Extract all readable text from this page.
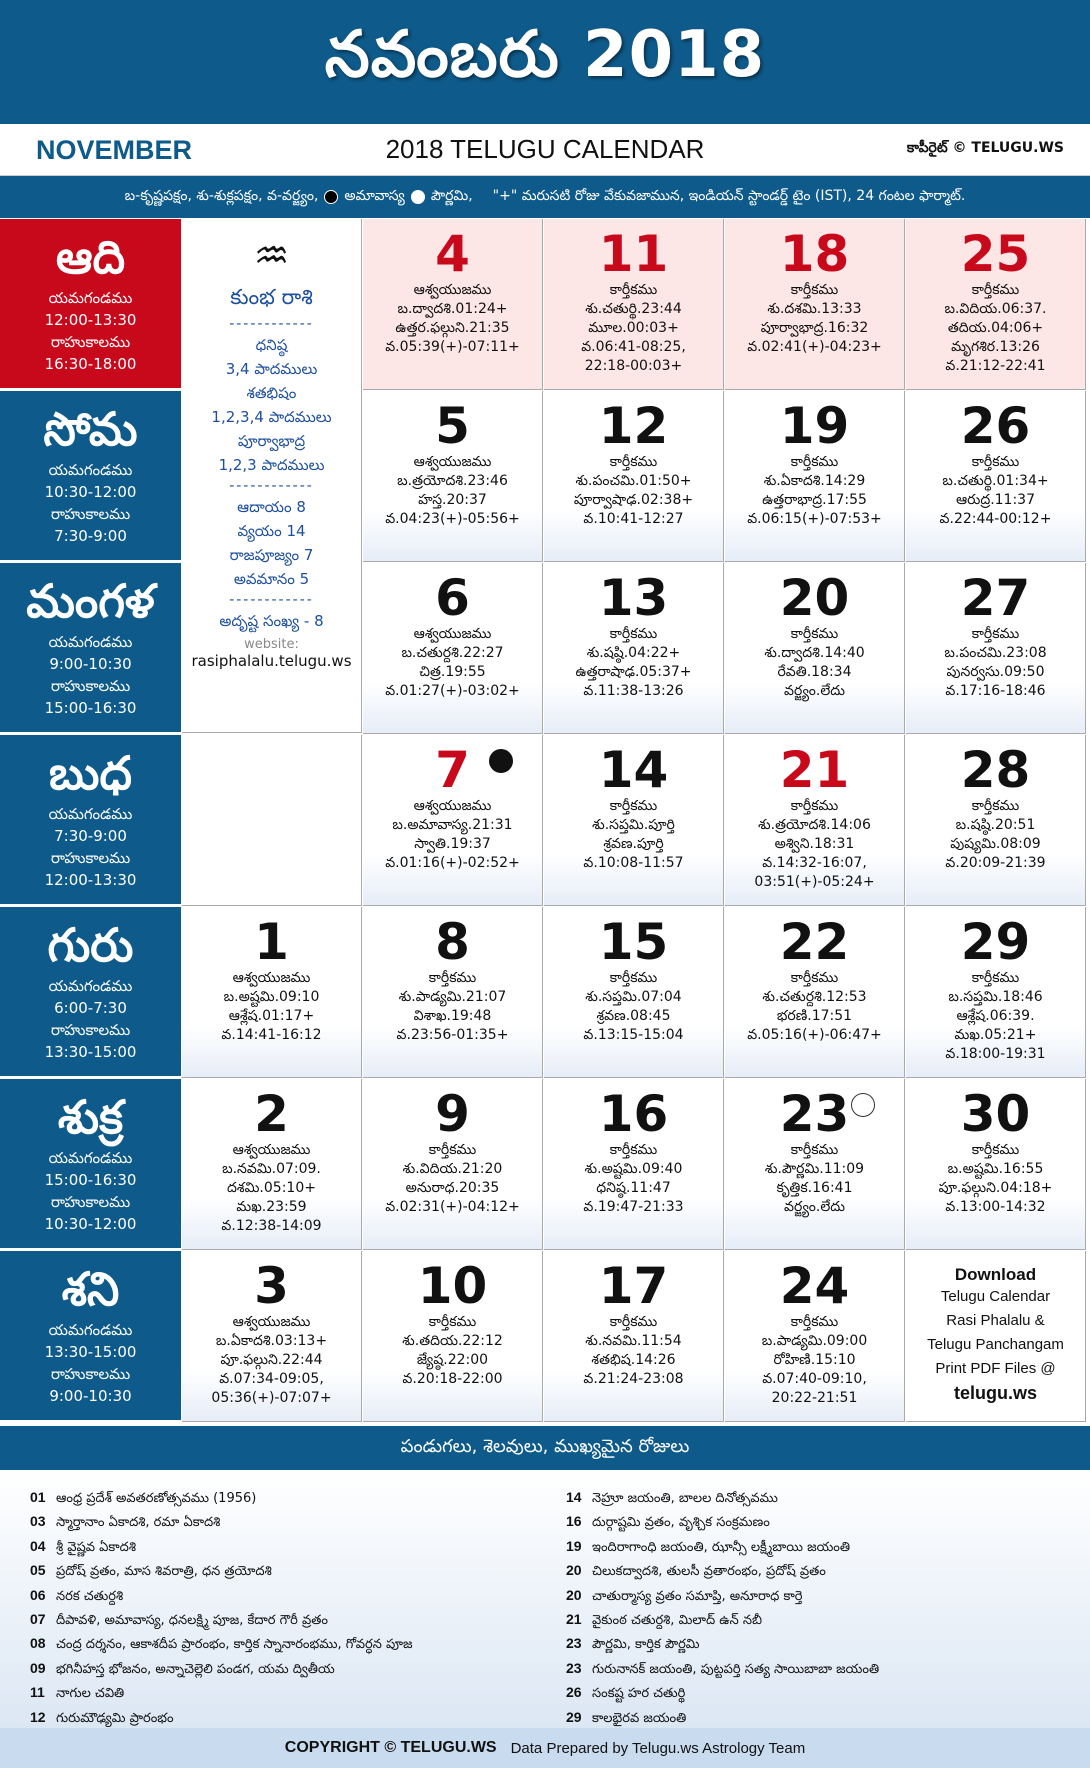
నవంబరు 2018
NOVEMBER	2018 TELUGU CALENDAR	కాపీరైట్ © TELUGU.WS
బ-కృష్ణపక్షం, శు-శుక్లపక్షం, వ-వర్జ్యం, అమావాస్య పౌర్ణమి, "+" మరుసటి రోజు వేకువజామున, ఇండియన్ స్టాండర్డ్ టైం (IST), 24 గంటల ఫార్మాట్.
ఆది
యమగండము
12:00-13:30
రాహుకాలము
16:30-18:00
సోమ
యమగండము
10:30-12:00
రాహుకాలము
7:30-9:00
మంగళ
యమగండము
9:00-10:30
రాహుకాలము
15:00-16:30
బుధ
యమగండము
7:30-9:00
రాహుకాలము
12:00-13:30
గురు
యమగండము
6:00-7:30
రాహుకాలము
13:30-15:00
శుక్ర
యమగండము
15:00-16:30
రాహుకాలము
10:30-12:00
శని
యమగండము
13:30-15:00
రాహుకాలము
9:00-10:30
♒
కుంభ రాశి
------------
ధనిష్ఠ
3,4 పాదములు
శతభిషం
1,2,3,4 పాదములు
పూర్వాభాద్ర
1,2,3 పాదములు
------------
ఆదాయం 8
వ్యయం 14
రాజపూజ్యం 7
అవమానం 5
------------
అదృష్ట సంఖ్య - 8
website:
rasiphalalu.telugu.ws
4
ఆశ్వయుజము
బ.ద్వాదశి.01:24+
ఉత్తర.ఫల్గుని.21:35
వ.05:39(+)-07:11+
11
కార్తీకము
శు.చతుర్థి.23:44
మూల.00:03+
వ.06:41-08:25,
22:18-00:03+
18
కార్తీకము
శు.దశమి.13:33
పూర్వాభాద్ర.16:32
వ.02:41(+)-04:23+
25
కార్తీకము
బ.విదియ.06:37.
తదియ.04:06+
మృగశిర.13:26
వ.21:12-22:41
5
ఆశ్వయుజము
బ.త్రయోదశి.23:46
హస్త.20:37
వ.04:23(+)-05:56+
12
కార్తీకము
శు.పంచమి.01:50+
పూర్వాషాఢ.02:38+
వ.10:41-12:27
19
కార్తీకము
శు.ఏకాదశి.14:29
ఉత్తరాభాద్ర.17:55
వ.06:15(+)-07:53+
26
కార్తీకము
బ.చతుర్థి.01:34+
ఆరుద్ర.11:37
వ.22:44-00:12+
6
ఆశ్వయుజము
బ.చతుర్దశి.22:27
చిత్ర.19:55
వ.01:27(+)-03:02+
13
కార్తీకము
శు.షష్ఠి.04:22+
ఉత్తరాషాఢ.05:37+
వ.11:38-13:26
20
కార్తీకము
శు.ద్వాదశి.14:40
రేవతి.18:34
వర్జ్యం.లేదు
27
కార్తీకము
బ.పంచమి.23:08
పునర్వసు.09:50
వ.17:16-18:46
7
ఆశ్వయుజము
బ.అమావాస్య.21:31
స్వాతి.19:37
వ.01:16(+)-02:52+
14
కార్తీకము
శు.సప్తమి.పూర్తి
శ్రవణ.పూర్తి
వ.10:08-11:57
21
కార్తీకము
శు.త్రయోదశి.14:06
అశ్విని.18:31
వ.14:32-16:07,
03:51(+)-05:24+
28
కార్తీకము
బ.షష్ఠి.20:51
పుష్యమి.08:09
వ.20:09-21:39
1
ఆశ్వయుజము
బ.అష్టమి.09:10
ఆశ్లేష.01:17+
వ.14:41-16:12
8
కార్తీకము
శు.పాడ్యమి.21:07
విశాఖ.19:48
వ.23:56-01:35+
15
కార్తీకము
శు.సప్తమి.07:04
శ్రవణ.08:45
వ.13:15-15:04
22
కార్తీకము
శు.చతుర్దశి.12:53
భరణి.17:51
వ.05:16(+)-06:47+
29
కార్తీకము
బ.సప్తమి.18:46
ఆశ్లేష.06:39.
మఖ.05:21+
వ.18:00-19:31
2
ఆశ్వయుజము
బ.నవమి.07:09.
దశమి.05:10+
మఖ.23:59
వ.12:38-14:09
9
కార్తీకము
శు.విదియ.21:20
అనురాధ.20:35
వ.02:31(+)-04:12+
16
కార్తీకము
శు.అష్టమి.09:40
ధనిష్ఠ.11:47
వ.19:47-21:33
23
కార్తీకము
శు.పౌర్ణమి.11:09
కృత్తిక.16:41
వర్జ్యం.లేదు
30
కార్తీకము
బ.అష్టమి.16:55
పూ.ఫల్గుని.04:18+
వ.13:00-14:32
3
ఆశ్వయుజము
బ.ఏకాదశి.03:13+
పూ.ఫల్గుని.22:44
వ.07:34-09:05,
05:36(+)-07:07+
10
కార్తీకము
శు.తదియ.22:12
జ్యేష్ఠ.22:00
వ.20:18-22:00
17
కార్తీకము
శు.నవమి.11:54
శతభిష.14:26
వ.21:24-23:08
24
కార్తీకము
బ.పాడ్యమి.09:00
రోహిణి.15:10
వ.07:40-09:10,
20:22-21:51
Download
Telugu Calendar
Rasi Phalalu &
Telugu Panchangam
Print PDF Files @
telugu.ws
పండుగలు, శెలవులు, ముఖ్యమైన రోజులు
01 ఆంధ్ర ప్రదేశ్ అవతరణోత్సవము (1956)
03 స్మార్తానాం ఏకాదశి, రమా ఏకాదశి
04 శ్రీ వైష్ణవ ఏకాదశి
05 ప్రదోష్ వ్రతం, మాస శివరాత్రి, ధన త్రయోదశి
06 నరక చతుర్దశి
07 దీపావళి, అమావాస్య, ధనలక్ష్మి పూజ, కేదార గౌరీ వ్రతం
08 చంద్ర దర్శనం, ఆకాశదీప ప్రారంభం, కార్తిక స్నానారంభము, గోవర్ధన పూజ
09 భగినీహస్త భోజనం, అన్నాచెల్లెలి పండగ, యమ ద్వితీయ
11 నాగుల చవితి
12 గురుమౌఢ్యమి ప్రారంభం
14 నెహ్రూ జయంతి, బాలల దినోత్సవము
16 దుర్గాష్టమి వ్రతం, వృశ్చిక సంక్రమణం
19 ఇందిరాగాంధి జయంతి, ఝాన్సీ లక్ష్మీబాయి జయంతి
20 చిలుకద్వాదశి, తులసీ వ్రతారంభం, ప్రదోష్ వ్రతం
20 చాతుర్మాస్య వ్రతం సమాప్తి, అనూరాధ కార్తె
21 వైకుంఠ చతుర్దశి, మిలాద్ ఉన్ నబీ
23 పౌర్ణమి, కార్తిక పౌర్ణమి
23 గురునానక్ జయంతి, పుట్టపర్తి సత్య సాయిబాబా జయంతి
26 సంకష్ట హర చతుర్థి
29 కాలభైరవ జయంతి
COPYRIGHT © TELUGU.WS Data Prepared by Telugu.ws Astrology Team
